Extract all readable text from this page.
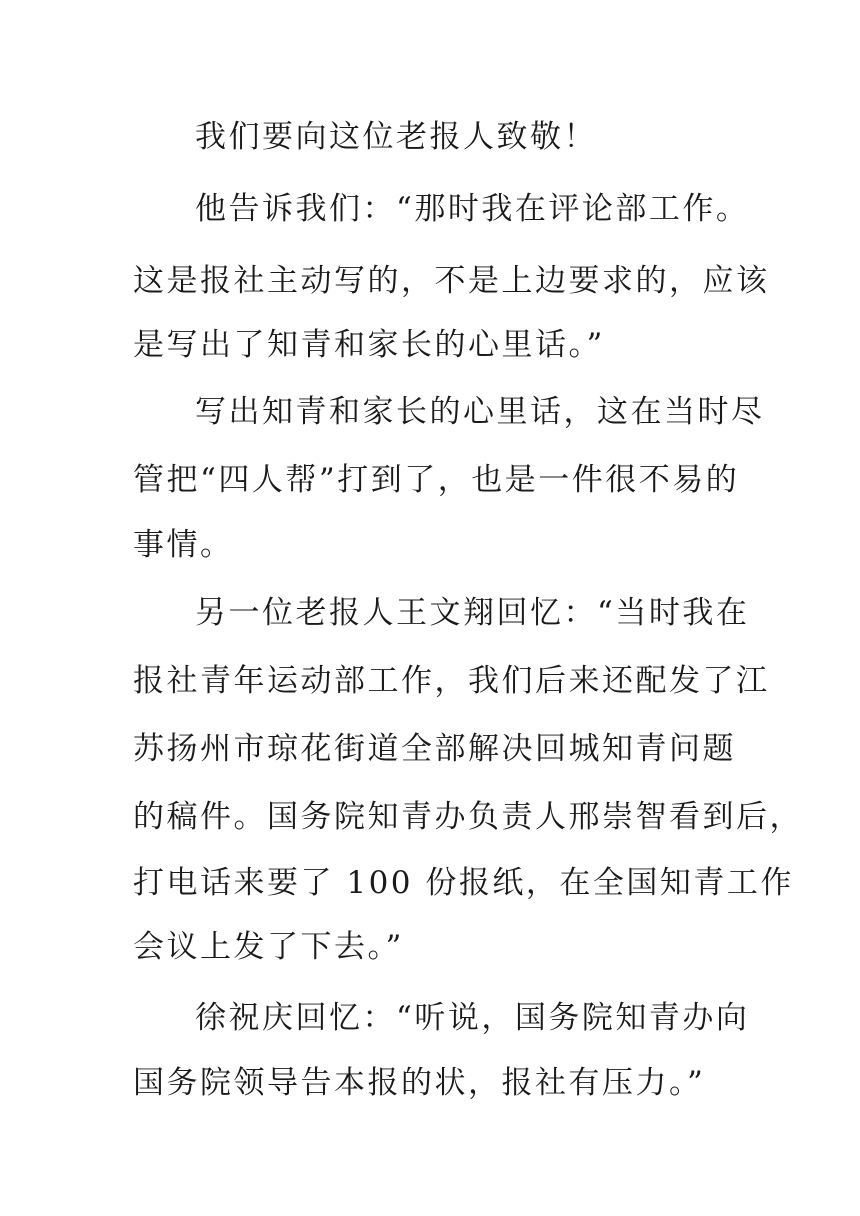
我们要向这位老报人致敬！
他告诉我们：“那时我在评论部工作。
这是报社主动写的，不是上边要求的，应该
是写出了知青和家长的心里话。”
写出知青和家长的心里话，这在当时尽
管把“四人帮”打到了，也是一件很不易的
事情。
另一位老报人王文翔回忆：“当时我在
报社青年运动部工作，我们后来还配发了江
苏扬州市琼花街道全部解决回城知青问题
的稿件。国务院知青办负责人邢崇智看到后，
打电话来要了 100 份报纸，在全国知青工作
会议上发了下去。”
徐祝庆回忆：“听说，国务院知青办向
国务院领导告本报的状，报社有压力。”
